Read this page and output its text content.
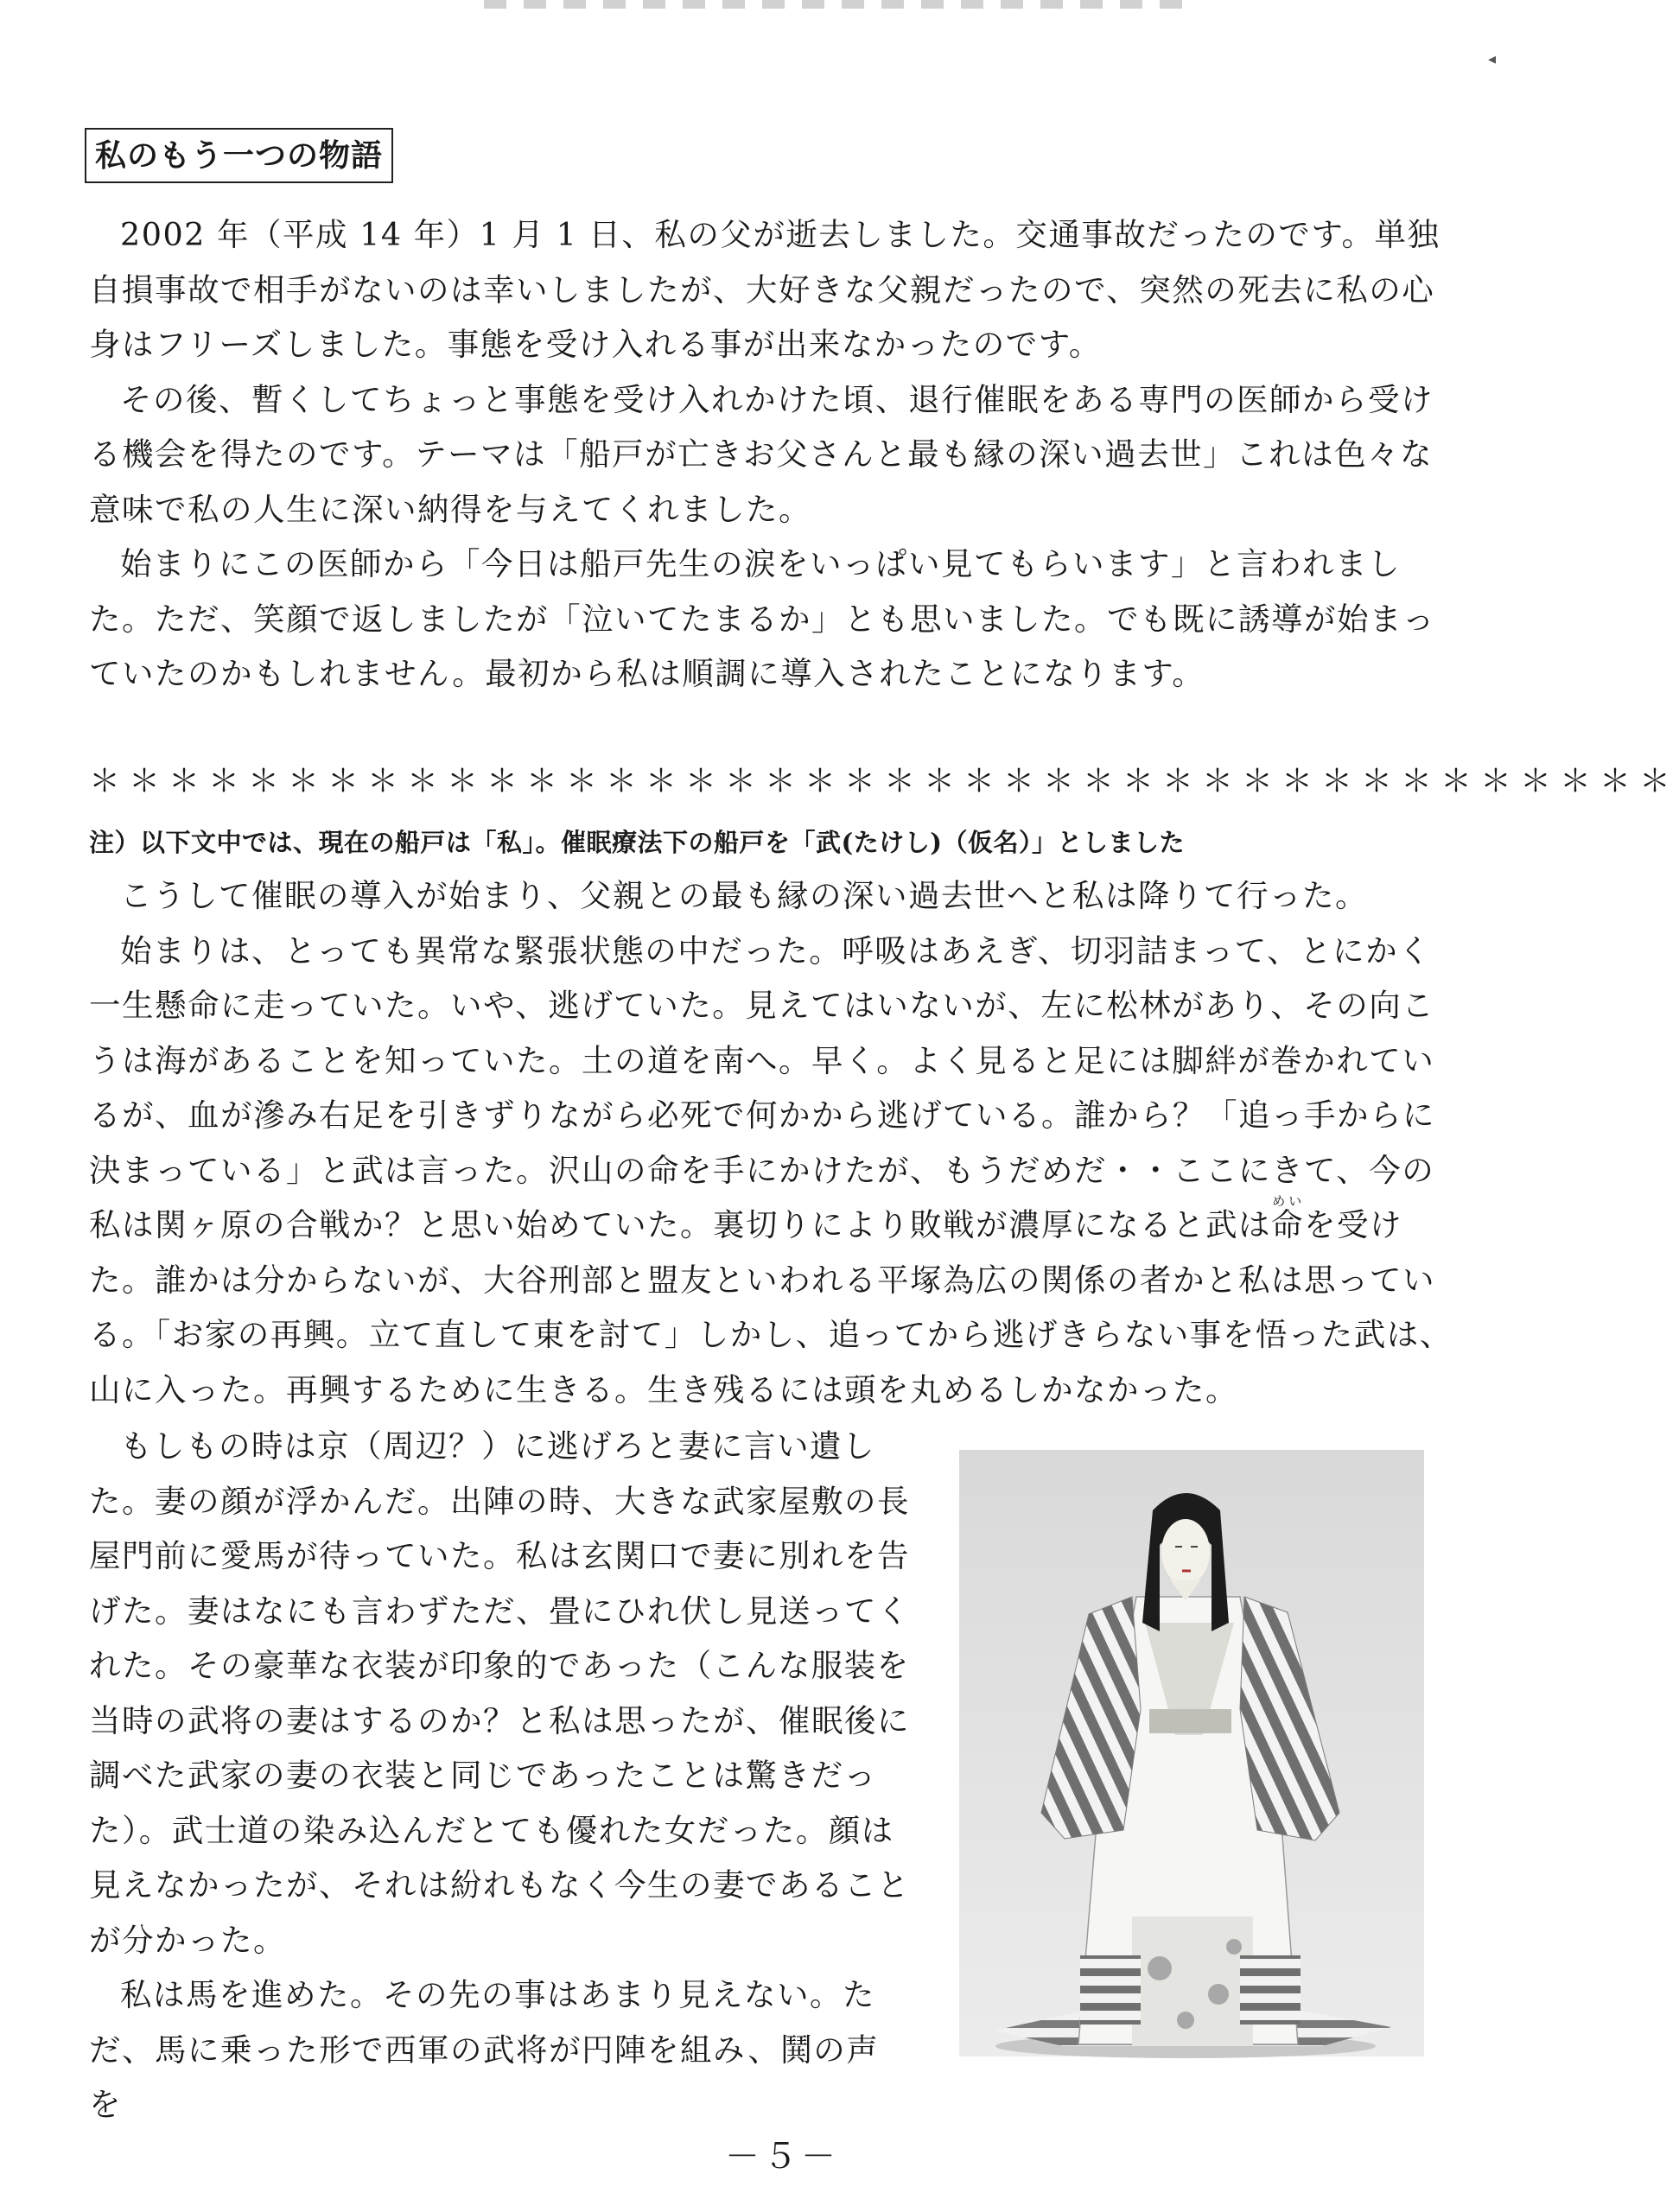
◂
私のもう一つの物語

2002 年（平成 14 年）1 月 1 日、私の父が逝去しました。交通事故だったのです。単独自損事故で相手がないのは幸いしましたが、大好きな父親だったので、突然の死去に私の心身はフリーズしました。事態を受け入れる事が出来なかったのです。

その後、暫くしてちょっと事態を受け入れかけた頃、退行催眠をある専門の医師から受ける機会を得たのです。テーマは「船戸が亡きお父さんと最も縁の深い過去世」これは色々な意味で私の人生に深い納得を与えてくれました。

始まりにこの医師から「今日は船戸先生の涙をいっぱい見てもらいます」と言われました。ただ、笑顔で返しましたが「泣いてたまるか」とも思いました。でも既に誘導が始まっていたのかもしれません。最初から私は順調に導入されたことになります。

＊＊＊＊＊＊＊＊＊＊＊＊＊＊＊＊＊＊＊＊＊＊＊＊＊＊＊＊＊＊＊＊＊＊＊＊＊＊＊＊
注）以下文中では、現在の船戸は「私」。催眠療法下の船戸を「武(たけし)（仮名）」としました

こうして催眠の導入が始まり、父親との最も縁の深い過去世へと私は降りて行った。

始まりは、とっても異常な緊張状態の中だった。呼吸はあえぎ、切羽詰まって、とにかく一生懸命に走っていた。いや、逃げていた。見えてはいないが、左に松林があり、その向こうは海があることを知っていた。土の道を南へ。早く。よく見ると足には脚絆が巻かれているが、血が滲み右足を引きずりながら必死で何かから逃げている。誰から？「追っ手からに決まっている」と武は言った。沢山の命を手にかけたが、もうだめだ・・ここにきて、今の私は関ヶ原の合戦か？と思い始めていた。裏切りにより敗戦が濃厚になると武は命めいを受けた。誰かは分からないが、大谷刑部と盟友といわれる平塚為広の関係の者かと私は思っている。「お家の再興。立て直して東を討て」しかし、追ってから逃げきらない事を悟った武は、山に入った。再興するために生きる。生き残るには頭を丸めるしかなかった。

もしもの時は京（周辺？）に逃げろと妻に言い遺した。妻の顔が浮かんだ。出陣の時、大きな武家屋敷の長屋門前に愛馬が待っていた。私は玄関口で妻に別れを告げた。妻はなにも言わずただ、畳にひれ伏し見送ってくれた。その豪華な衣装が印象的であった（こんな服装を当時の武将の妻はするのか？と私は思ったが、催眠後に調べた武家の妻の衣装と同じであったことは驚きだった）。武士道の染み込んだとても優れた女だった。顔は見えなかったが、それは紛れもなく今生の妻であることが分かった。

私は馬を進めた。その先の事はあまり見えない。ただ、馬に乗った形で西軍の武将が円陣を組み、鬨の声を

－５－
